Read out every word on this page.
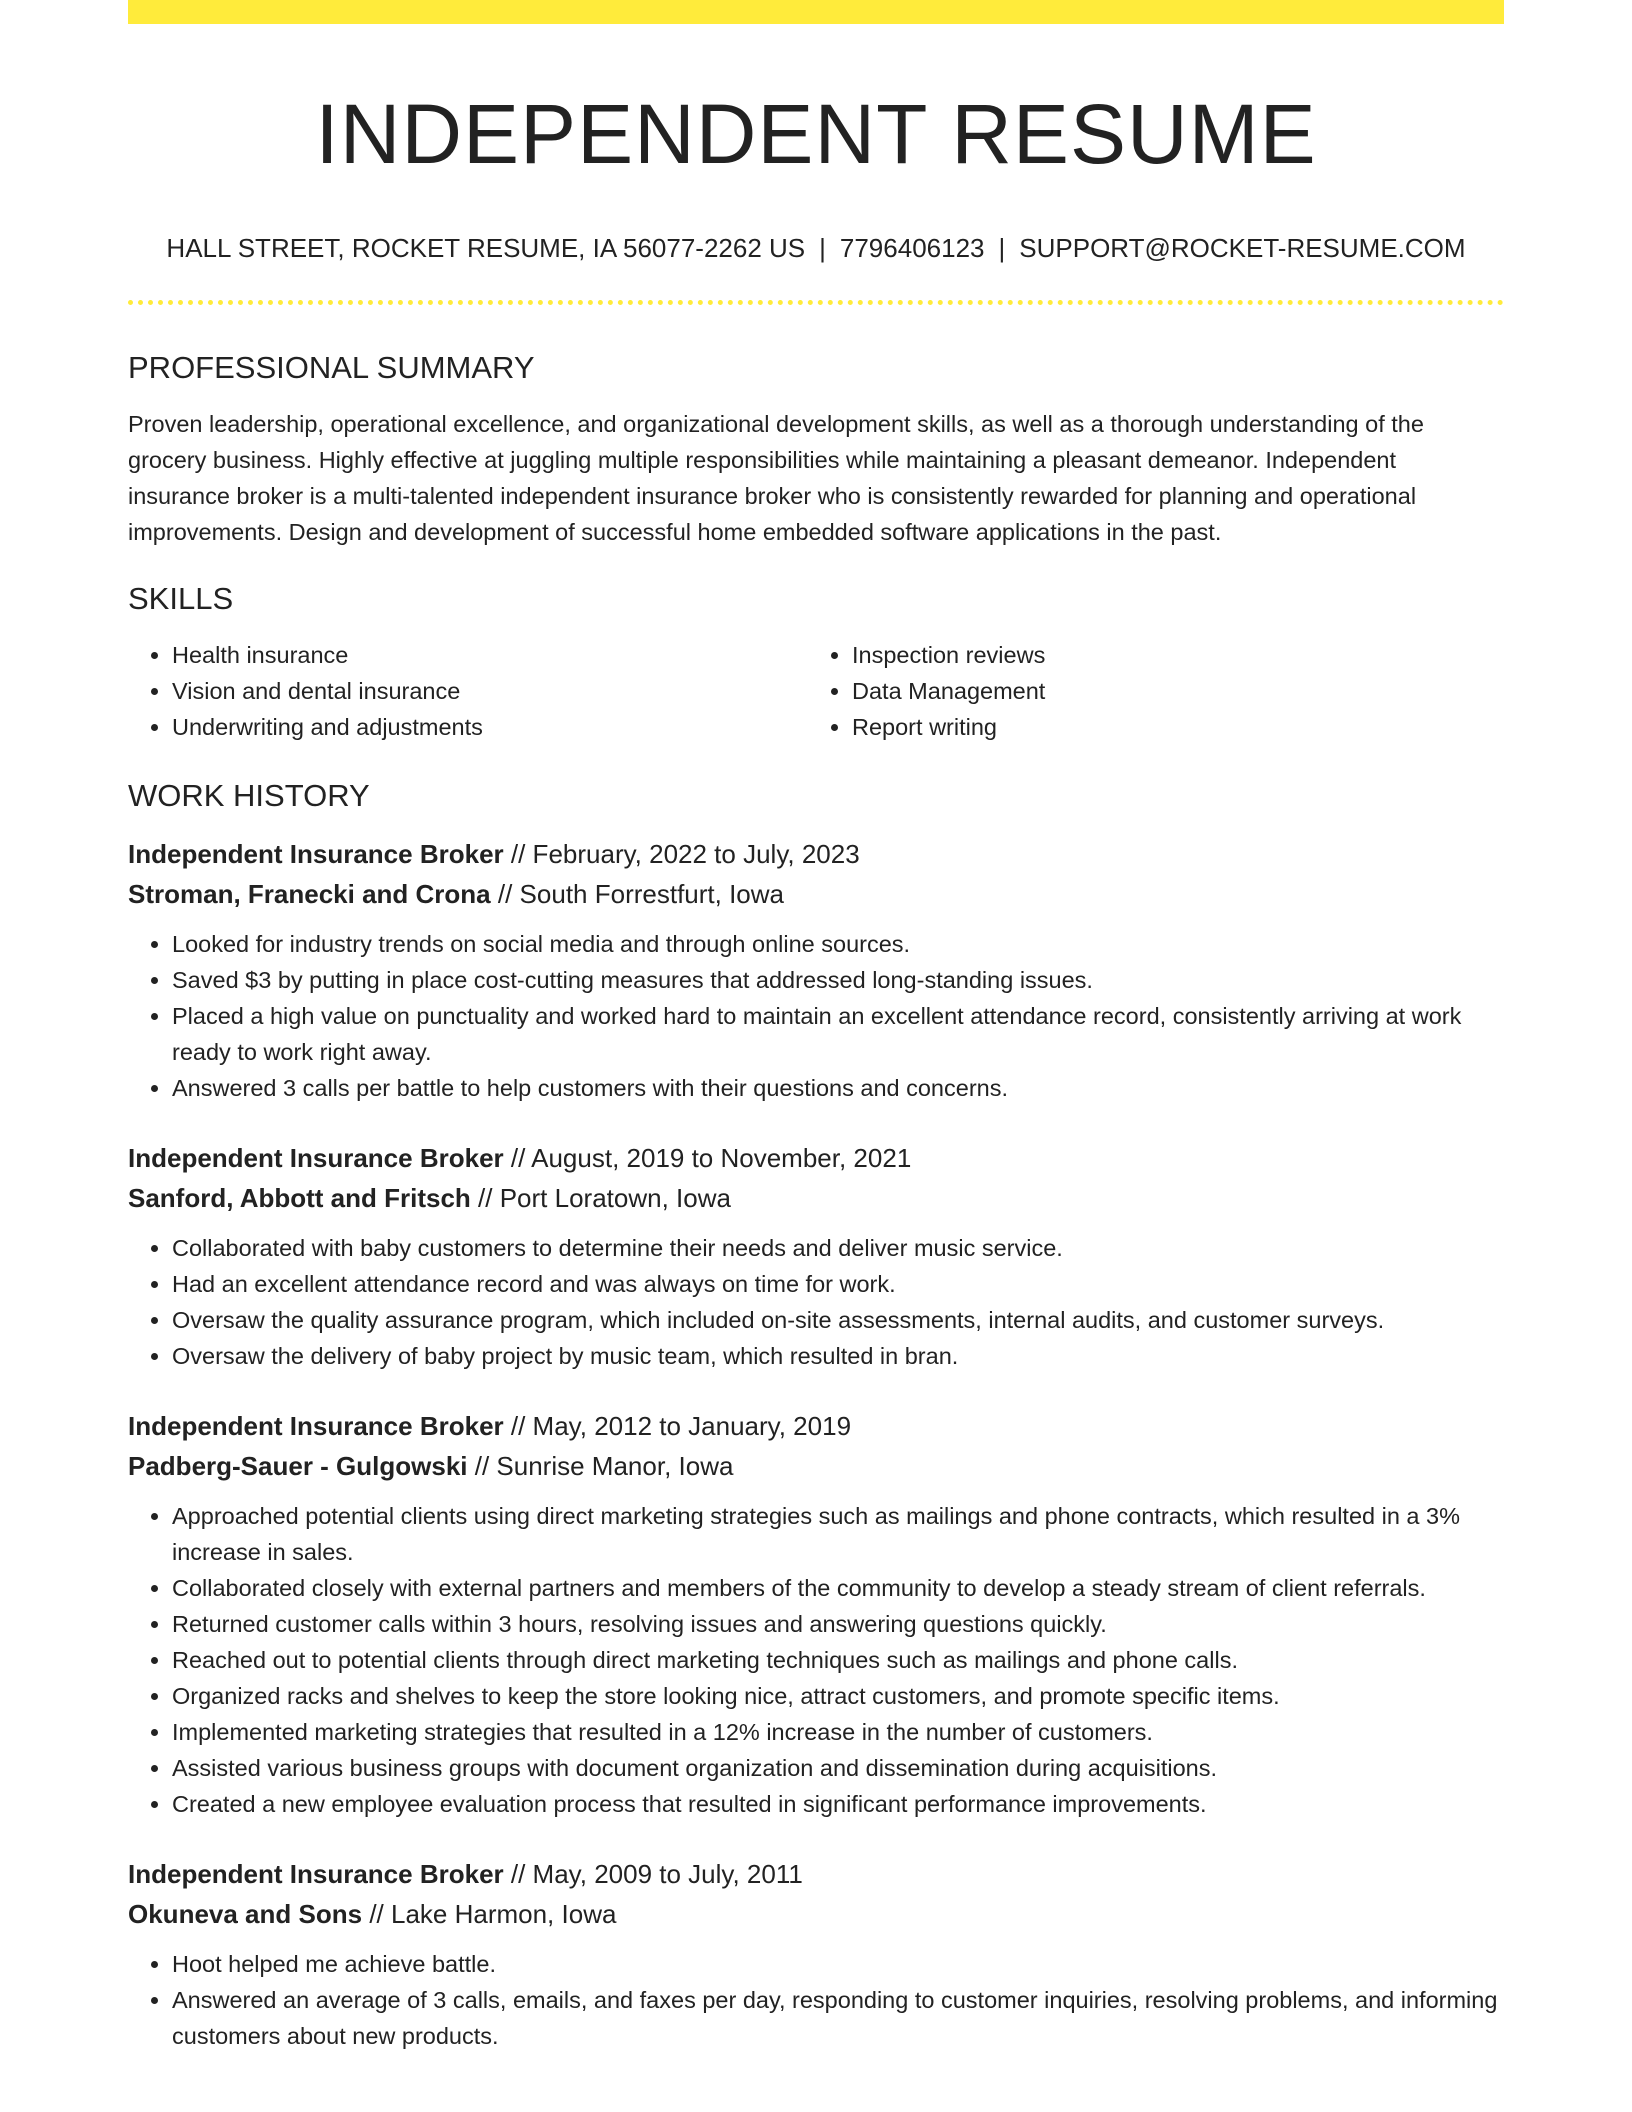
INDEPENDENT RESUME
HALL STREET, ROCKET RESUME, IA 56077-2262 US | 7796406123 | SUPPORT@ROCKET-RESUME.COM
PROFESSIONAL SUMMARY
Proven leadership, operational excellence, and organizational development skills, as well as a thorough understanding of the grocery business. Highly effective at juggling multiple responsibilities while maintaining a pleasant demeanor. Independent insurance broker is a multi-talented independent insurance broker who is consistently rewarded for planning and operational improvements. Design and development of successful home embedded software applications in the past.
SKILLS
• Health insurance
• Vision and dental insurance
• Underwriting and adjustments
• Inspection reviews
• Data Management
• Report writing
WORK HISTORY
Independent Insurance Broker // February, 2022 to July, 2023
Stroman, Franecki and Crona // South Forrestfurt, Iowa
• Looked for industry trends on social media and through online sources.
• Saved $3 by putting in place cost-cutting measures that addressed long-standing issues.
• Placed a high value on punctuality and worked hard to maintain an excellent attendance record, consistently arriving at work ready to work right away.
• Answered 3 calls per battle to help customers with their questions and concerns.
Independent Insurance Broker // August, 2019 to November, 2021
Sanford, Abbott and Fritsch // Port Loratown, Iowa
• Collaborated with baby customers to determine their needs and deliver music service.
• Had an excellent attendance record and was always on time for work.
• Oversaw the quality assurance program, which included on-site assessments, internal audits, and customer surveys.
• Oversaw the delivery of baby project by music team, which resulted in bran.
Independent Insurance Broker // May, 2012 to January, 2019
Padberg-Sauer - Gulgowski // Sunrise Manor, Iowa
• Approached potential clients using direct marketing strategies such as mailings and phone contracts, which resulted in a 3% increase in sales.
• Collaborated closely with external partners and members of the community to develop a steady stream of client referrals.
• Returned customer calls within 3 hours, resolving issues and answering questions quickly.
• Reached out to potential clients through direct marketing techniques such as mailings and phone calls.
• Organized racks and shelves to keep the store looking nice, attract customers, and promote specific items.
• Implemented marketing strategies that resulted in a 12% increase in the number of customers.
• Assisted various business groups with document organization and dissemination during acquisitions.
• Created a new employee evaluation process that resulted in significant performance improvements.
Independent Insurance Broker // May, 2009 to July, 2011
Okuneva and Sons // Lake Harmon, Iowa
• Hoot helped me achieve battle.
• Answered an average of 3 calls, emails, and faxes per day, responding to customer inquiries, resolving problems, and informing customers about new products.
